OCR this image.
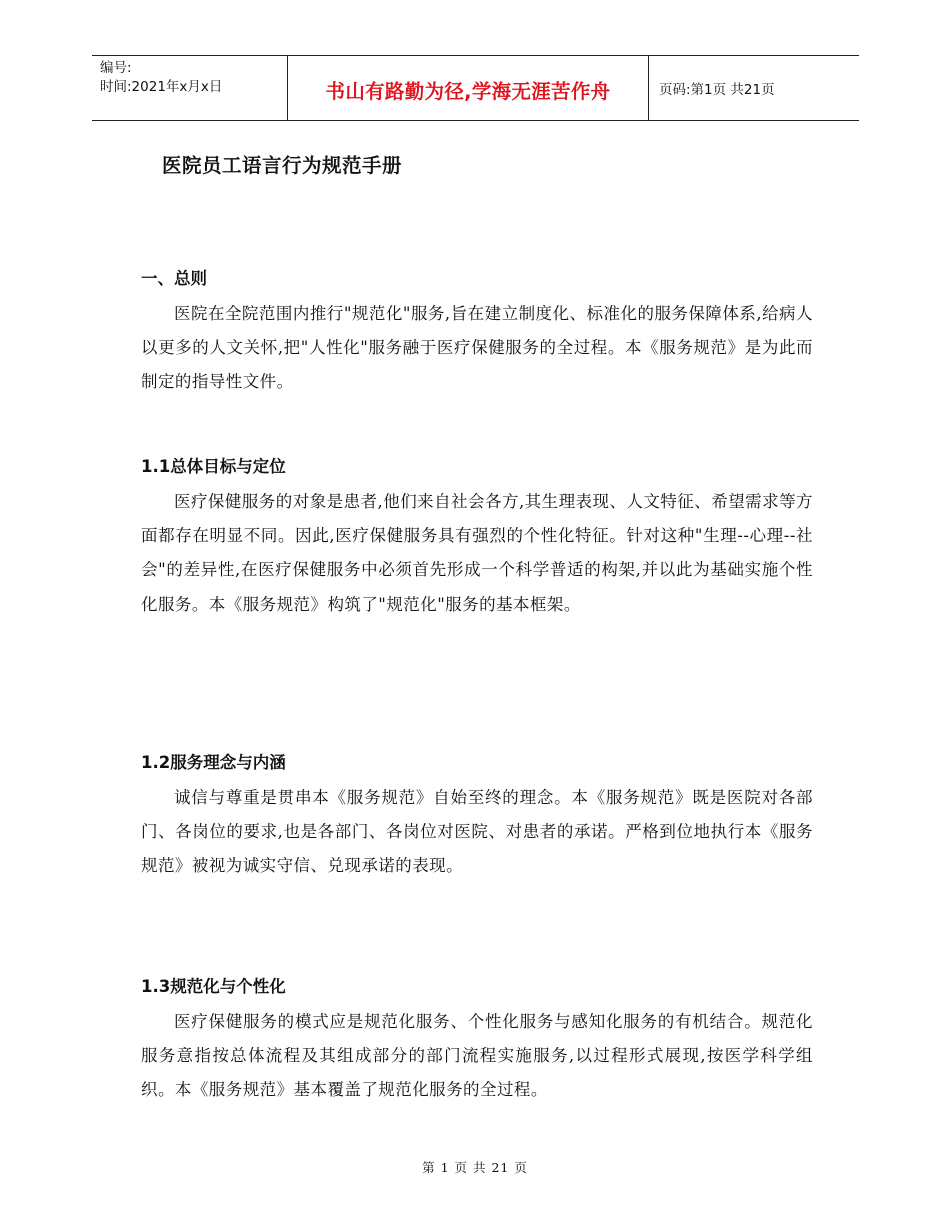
编号:
时间:2021年x月x日	书山有路勤为径,学海无涯苦作舟	页码:第1页 共21页
医院员工语言行为规范手册
一、总则
医院在全院范围内推行"规范化"服务,旨在建立制度化、标准化的服务保障体系,给病人以更多的人文关怀,把"人性化"服务融于医疗保健服务的全过程。本《服务规范》是为此而制定的指导性文件。
1.1总体目标与定位
医疗保健服务的对象是患者,他们来自社会各方,其生理表现、人文特征、希望需求等方面都存在明显不同。因此,医疗保健服务具有强烈的个性化特征。针对这种"生理--心理--社会"的差异性,在医疗保健服务中必须首先形成一个科学普适的构架,并以此为基础实施个性化服务。本《服务规范》构筑了"规范化"服务的基本框架。
1.2服务理念与内涵
诚信与尊重是贯串本《服务规范》自始至终的理念。本《服务规范》既是医院对各部门、各岗位的要求,也是各部门、各岗位对医院、对患者的承诺。严格到位地执行本《服务规范》被视为诚实守信、兑现承诺的表现。
1.3规范化与个性化
医疗保健服务的模式应是规范化服务、个性化服务与感知化服务的有机结合。规范化服务意指按总体流程及其组成部分的部门流程实施服务,以过程形式展现,按医学科学组织。本《服务规范》基本覆盖了规范化服务的全过程。
第 1 页 共 21 页
